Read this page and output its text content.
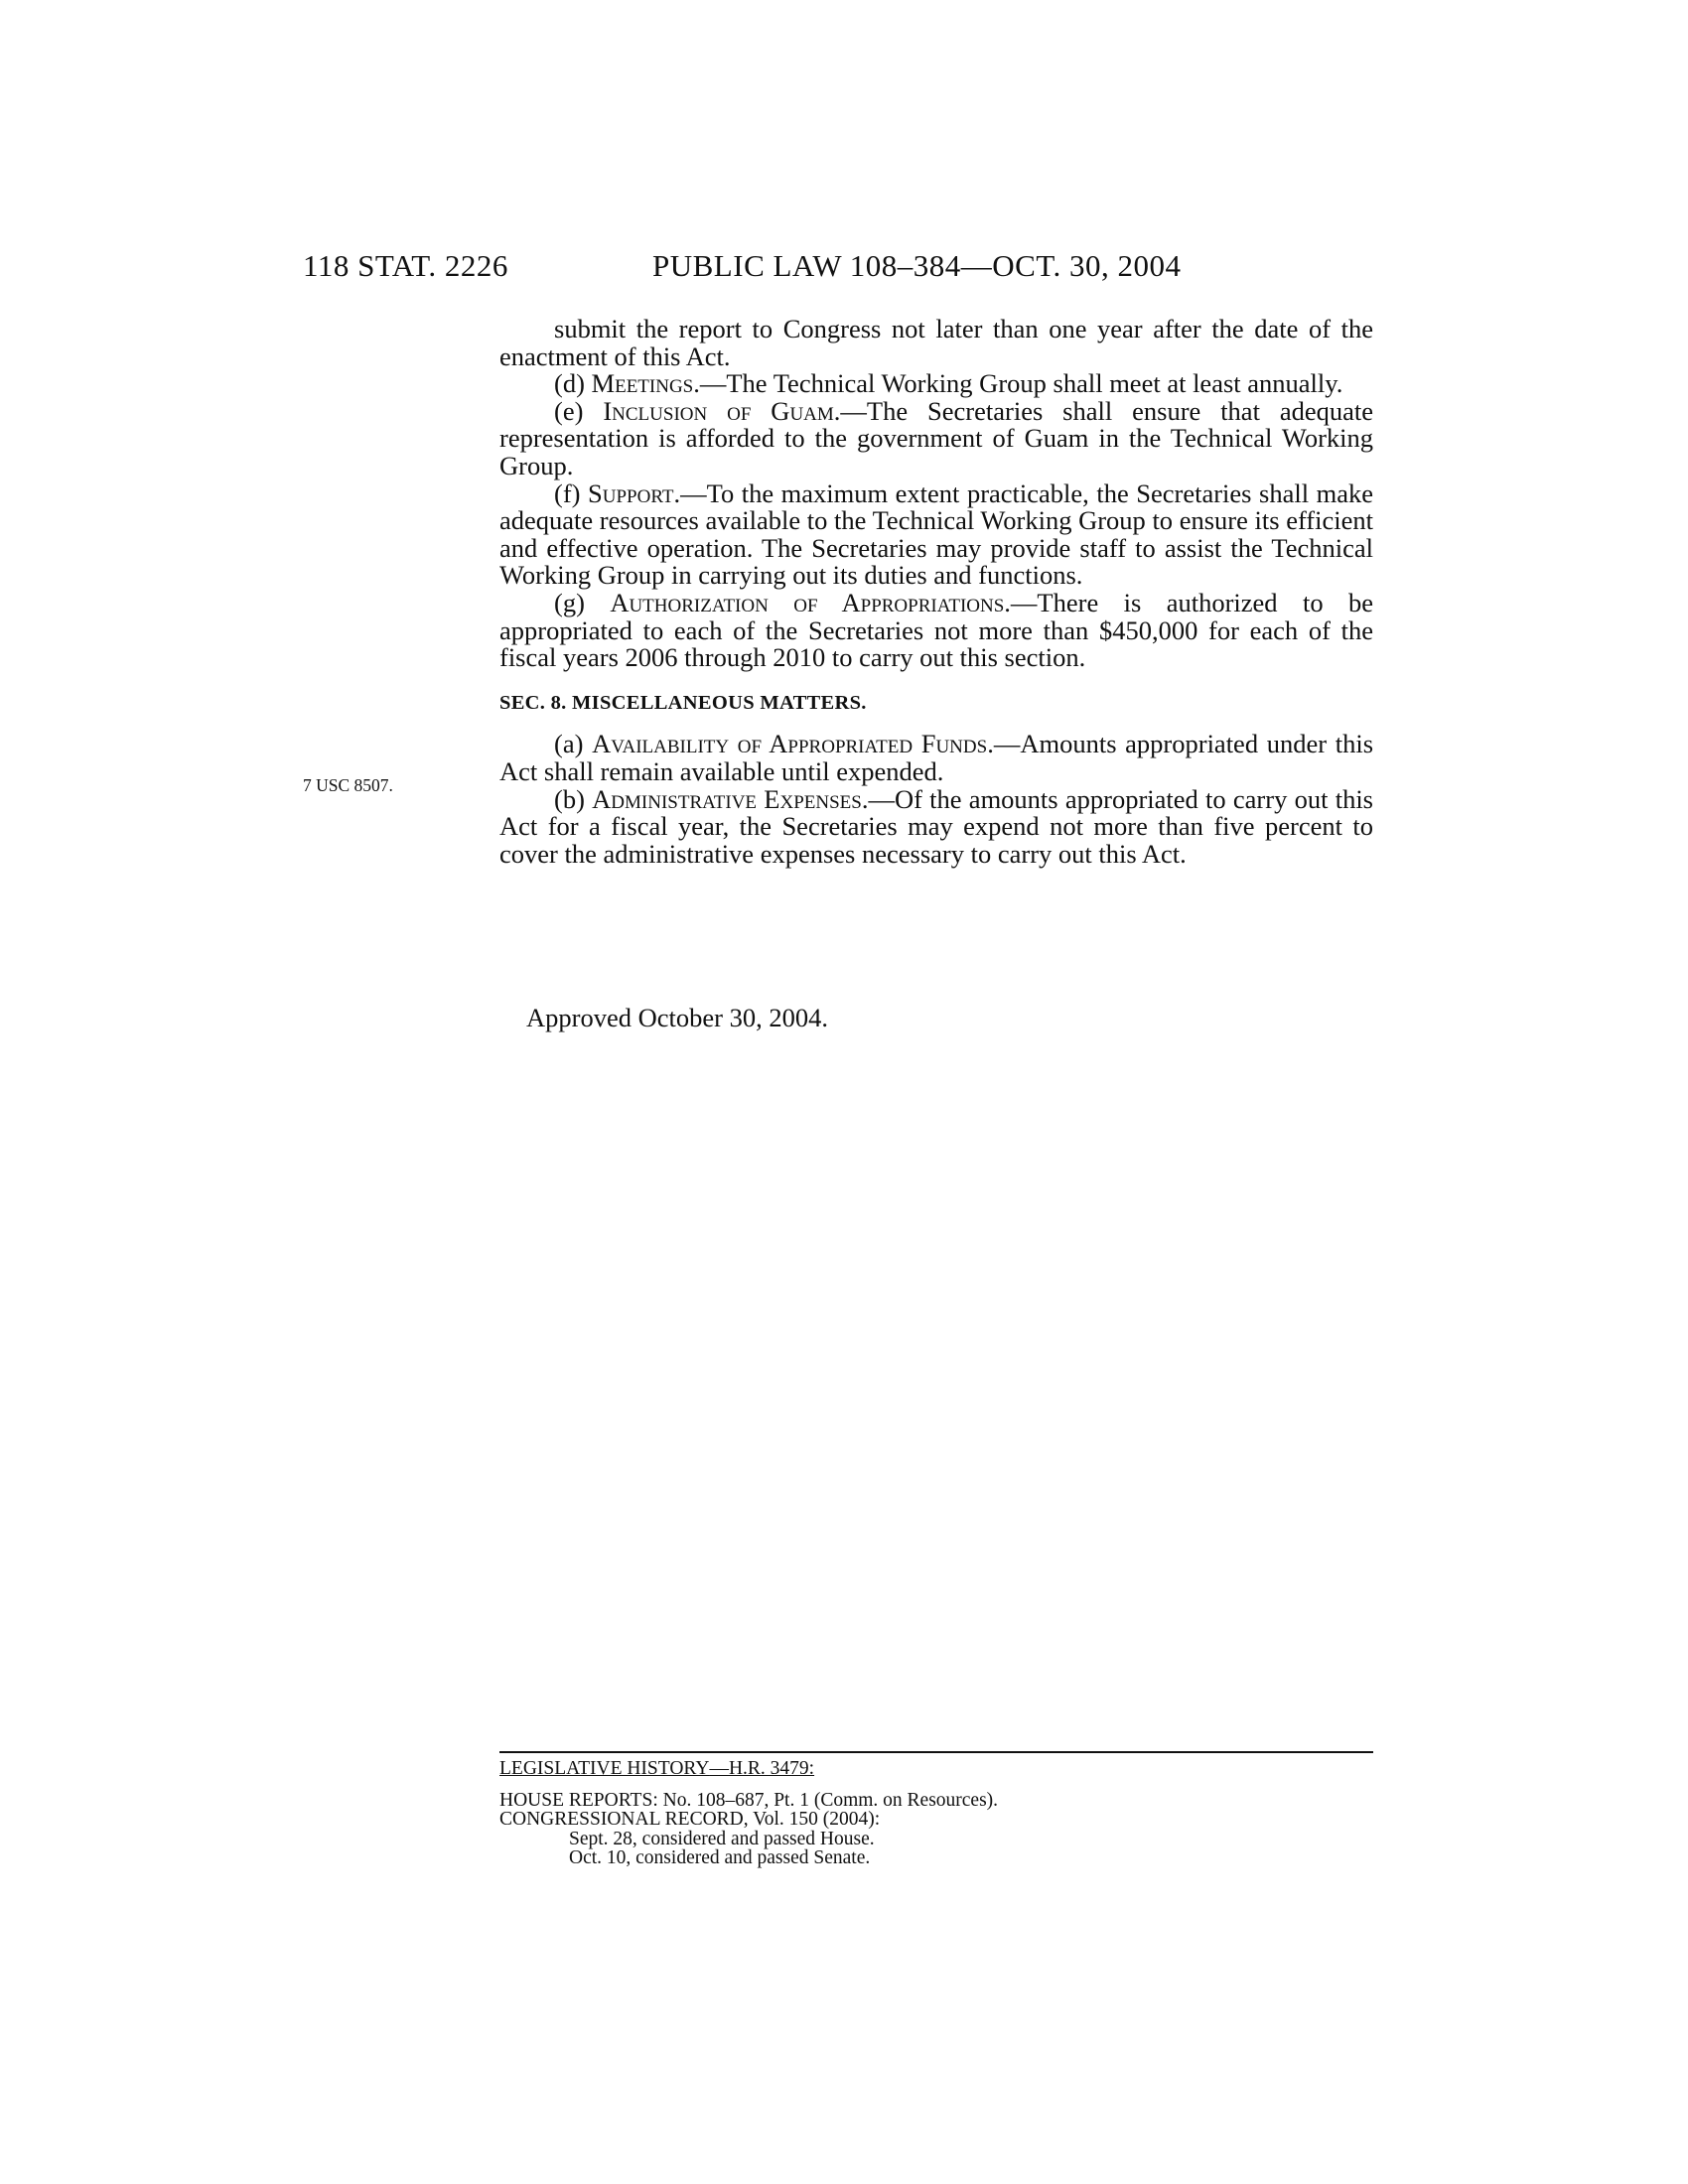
118 STAT. 2226	PUBLIC LAW 108–384—OCT. 30, 2004

submit the report to Congress not later than one year after the date of the enactment of this Act.

(d) Meetings.—The Technical Working Group shall meet at least annually.

(e) Inclusion of Guam.—The Secretaries shall ensure that adequate representation is afforded to the government of Guam in the Technical Working Group.

(f) Support.—To the maximum extent practicable, the Secretaries shall make adequate resources available to the Technical Working Group to ensure its efficient and effective operation. The Secretaries may provide staff to assist the Technical Working Group in carrying out its duties and functions.

(g) Authorization of Appropriations.—There is authorized to be appropriated to each of the Secretaries not more than $450,000 for each of the fiscal years 2006 through 2010 to carry out this section.

SEC. 8. MISCELLANEOUS MATTERS.

(a) Availability of Appropriated Funds.—Amounts appropriated under this Act shall remain available until expended.

(b) Administrative Expenses.—Of the amounts appropriated to carry out this Act for a fiscal year, the Secretaries may expend not more than five percent to cover the administrative expenses necessary to carry out this Act.

7 USC 8507.
Approved October 30, 2004.
LEGISLATIVE HISTORY—H.R. 3479:
HOUSE REPORTS: No. 108–687, Pt. 1 (Comm. on Resources).
CONGRESSIONAL RECORD, Vol. 150 (2004):
Sept. 28, considered and passed House.
Oct. 10, considered and passed Senate.
